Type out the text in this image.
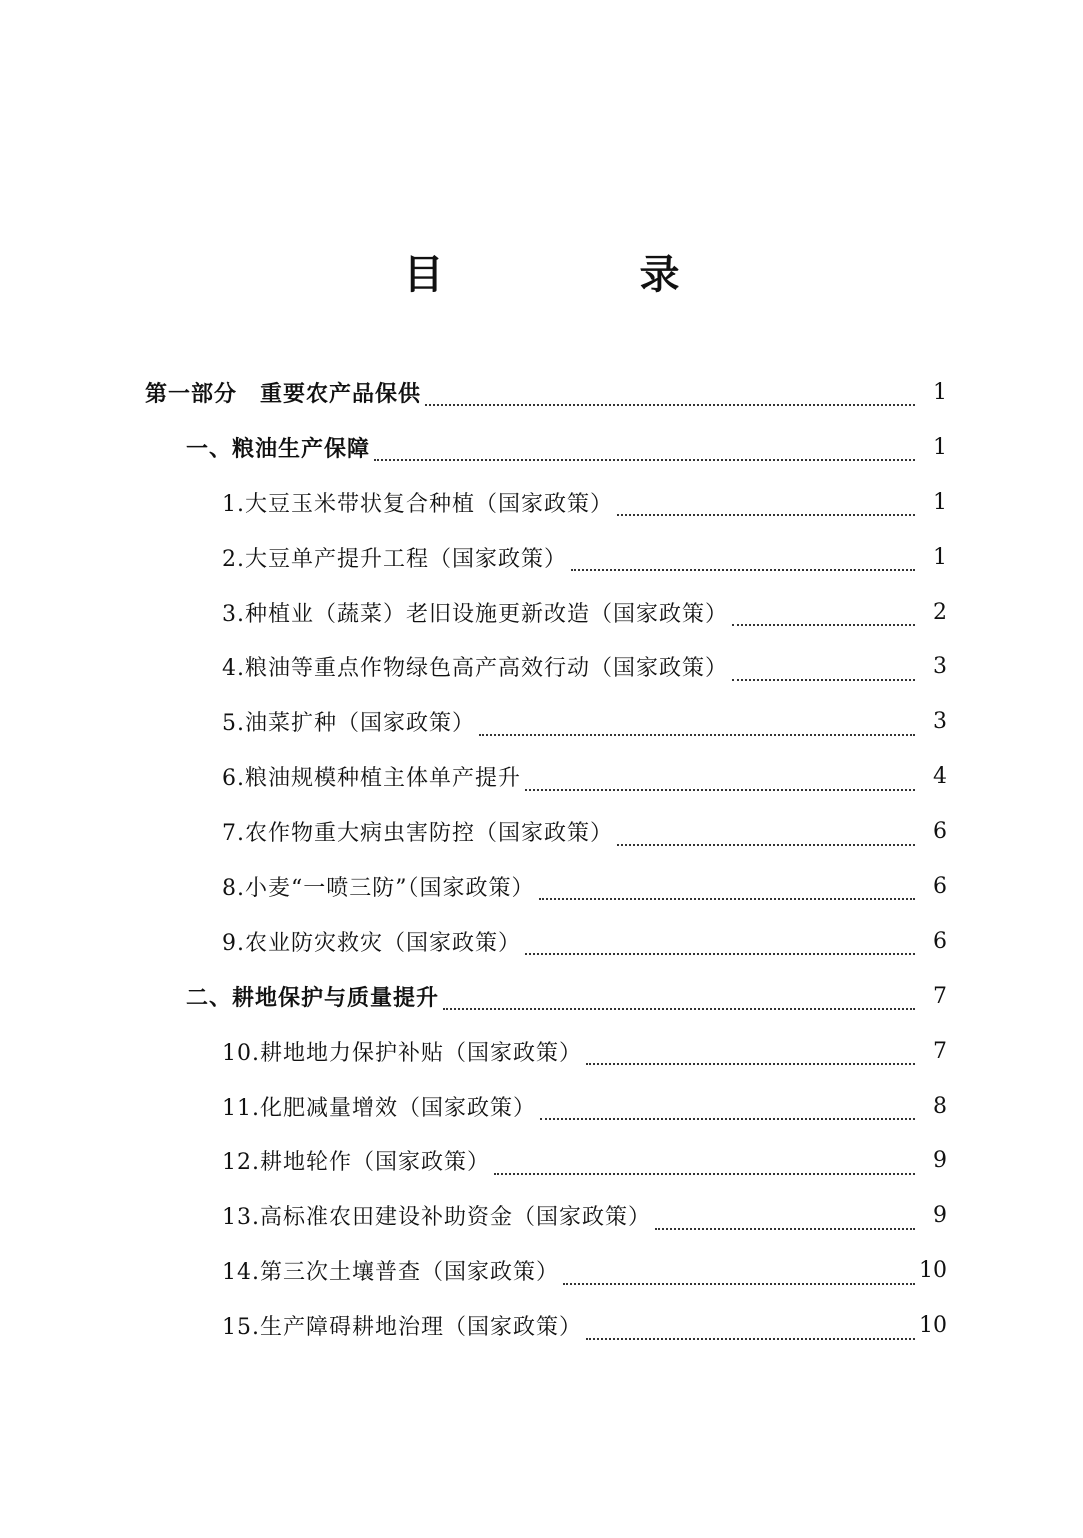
目　录
第一部分　重要农产品保供	1
一、粮油生产保障	1
1.大豆玉米带状复合种植（国家政策）	1
2.大豆单产提升工程（国家政策）	1
3.种植业（蔬菜）老旧设施更新改造（国家政策）	2
4.粮油等重点作物绿色高产高效行动（国家政策）	3
5.油菜扩种（国家政策）	3
6.粮油规模种植主体单产提升	4
7.农作物重大病虫害防控（国家政策）	6
8.小麦“一喷三防”（国家政策）	6
9.农业防灾救灾（国家政策）	6
二、耕地保护与质量提升	7
10.耕地地力保护补贴（国家政策）	7
11.化肥减量增效（国家政策）	8
12.耕地轮作（国家政策）	9
13.高标准农田建设补助资金（国家政策）	9
14.第三次土壤普查（国家政策）	10
15.生产障碍耕地治理（国家政策）	10
